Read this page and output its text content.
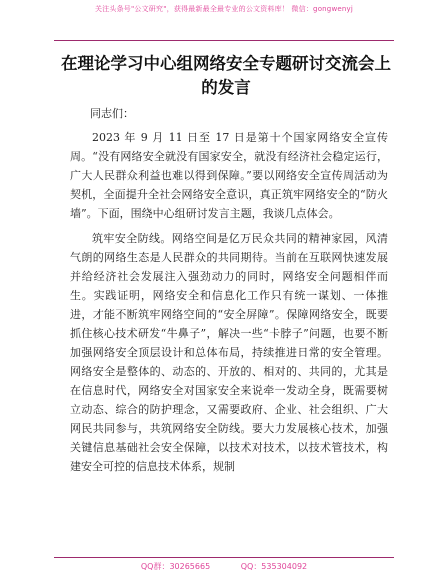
关注头条号"公文研究"，获得最新最全最专业的公文资料库！ 微信：gongwenyj
在理论学习中心组网络安全专题研讨交流会上的发言

同志们：

2023 年 9 月 11 日至 17 日是第十个国家网络安全宣传周。“没有网络安全就没有国家安全，就没有经济社会稳定运行，广大人民群众利益也难以得到保障。”要以网络安全宣传周活动为契机，全面提升全社会网络安全意识，真正筑牢网络安全的“防火墙”。下面，围绕中心组研讨发言主题，我谈几点体会。

筑牢安全防线。网络空间是亿万民众共同的精神家园，风清气朗的网络生态是人民群众的共同期待。当前在互联网快速发展并给经济社会发展注入强劲动力的同时，网络安全问题相伴而生。实践证明，网络安全和信息化工作只有统一谋划、一体推进，才能不断筑牢网络空间的“安全屏障”。保障网络安全，既要抓住核心技术研发“牛鼻子”，解决一些“卡脖子”问题，也要不断加强网络安全顶层设计和总体布局，持续推进日常的安全管理。网络安全是整体的、动态的、开放的、相对的、共同的，尤其是在信息时代，网络安全对国家安全来说牵一发动全身，既需要树立动态、综合的防护理念，又需要政府、企业、社会组织、广大网民共同参与，共筑网络安全防线。要大力发展核心技术，加强关键信息基础社会安全保障，以技术对技术，以技术管技术，构建安全可控的信息技术体系，规制

QQ群：30265665	QQ：535304092
